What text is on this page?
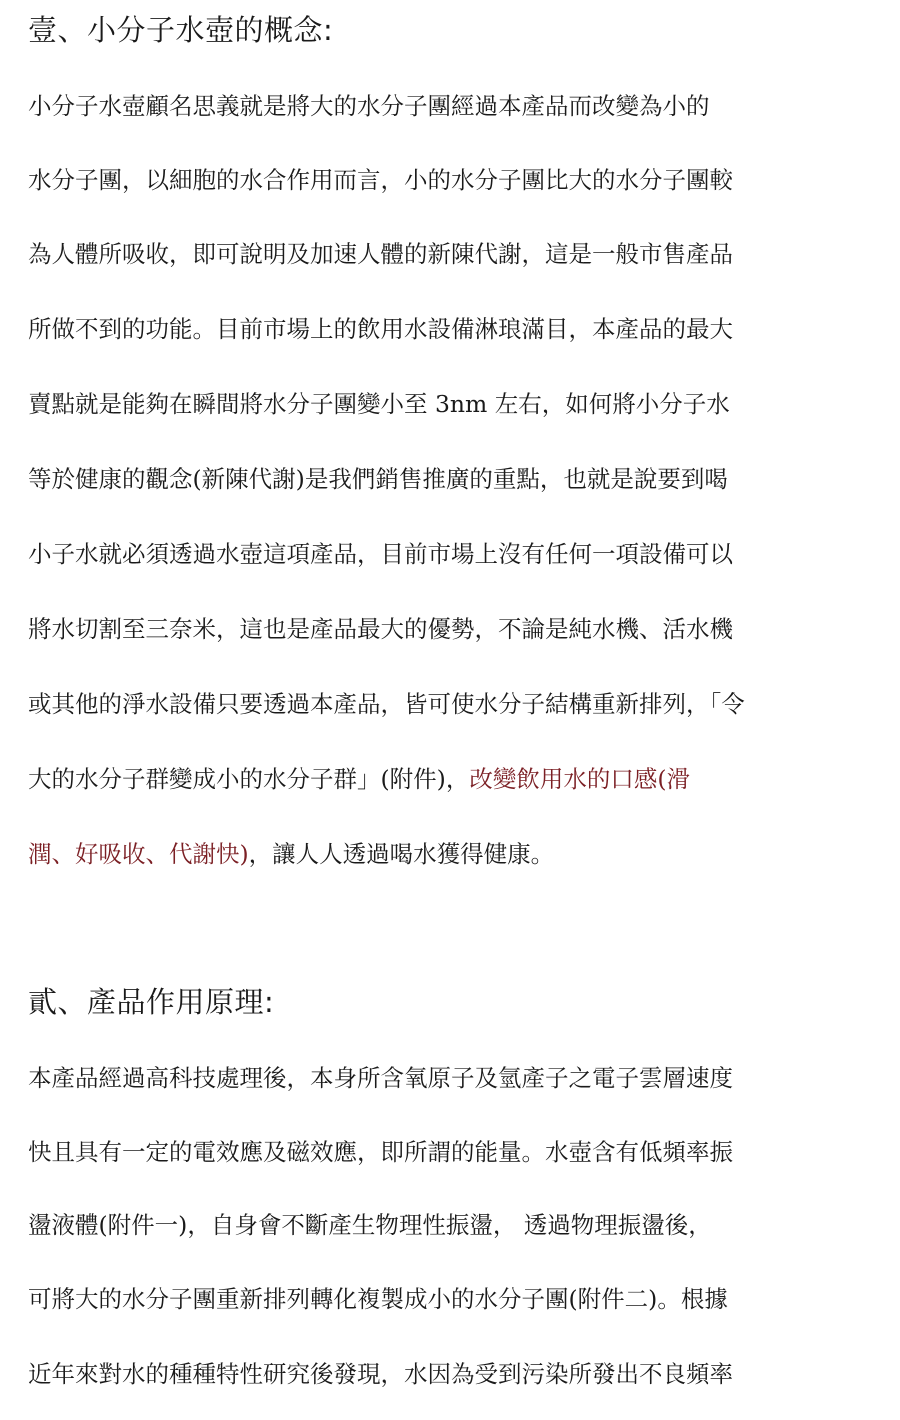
壹、小分子水壺的概念:

小分子水壺顧名思義就是將大的水分子團經過本產品而改變為小的

水分子團，以細胞的水合作用而言，小的水分子團比大的水分子團較

為人體所吸收，即可說明及加速人體的新陳代謝，這是一般市售產品

所做不到的功能。目前市場上的飲用水設備淋琅滿目，本產品的最大

賣點就是能夠在瞬間將水分子團變小至 3nm 左右，如何將小分子水

等於健康的觀念(新陳代謝)是我們銷售推廣的重點，也就是說要到喝

小子水就必須透過水壺這項產品，目前市場上沒有任何一項設備可以

將水切割至三奈米，這也是產品最大的優勢，不論是純水機、活水機

或其他的淨水設備只要透過本產品，皆可使水分子結構重新排列，「令

大的水分子群變成小的水分子群」(附件)，改變飲用水的口感(滑

潤、好吸收、代謝快)，讓人人透過喝水獲得健康。

貳、產品作用原理:

本產品經過高科技處理後，本身所含氧原子及氫產子之電子雲層速度

快且具有一定的電效應及磁效應，即所謂的能量。水壺含有低頻率振

盪液體(附件一)，自身會不斷產生物理性振盪， 透過物理振盪後，

可將大的水分子團重新排列轉化複製成小的水分子團(附件二)。根據

近年來對水的種種特性研究後發現，水因為受到污染所發出不良頻率
